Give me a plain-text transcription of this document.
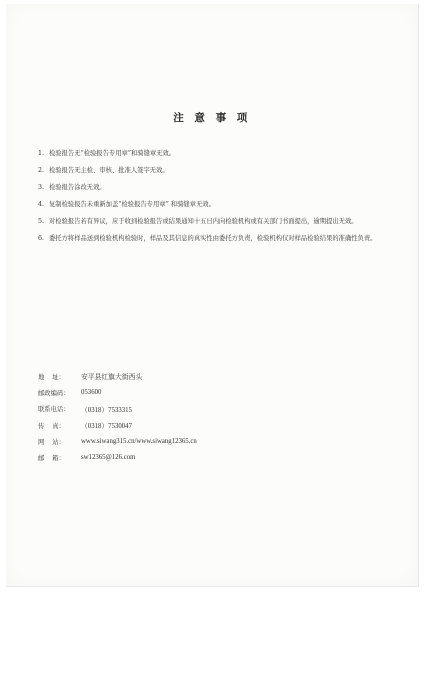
注 意 事 项
1. 检验报告无“检验报告专用章”和骑缝章无效。
2. 检验报告无主检、审核、批准人签字无效。
3. 检验报告涂改无效。
4. 复制检验报告未重新加盖“检验报告专用章” 和骑缝章无效。
5. 对检验报告若有异议，应于收到检验报告或结果通知十五日内向检验机构或有关部门书面提出，逾期提出无效。
6. 委托方将样品送到检验机构检验时，样品及其信息的真实性由委托方负责，检验机构仅对样品检验结果的准确性负责。
地    址：	安平县红旗大街西头
邮政编码：	053600
联系电话：	（0318）7533315
传    真：	（0318）7530047
网    站：	www.siwang315.cn/www.siwang12365.cn
邮    箱：	sw12365@126.com
